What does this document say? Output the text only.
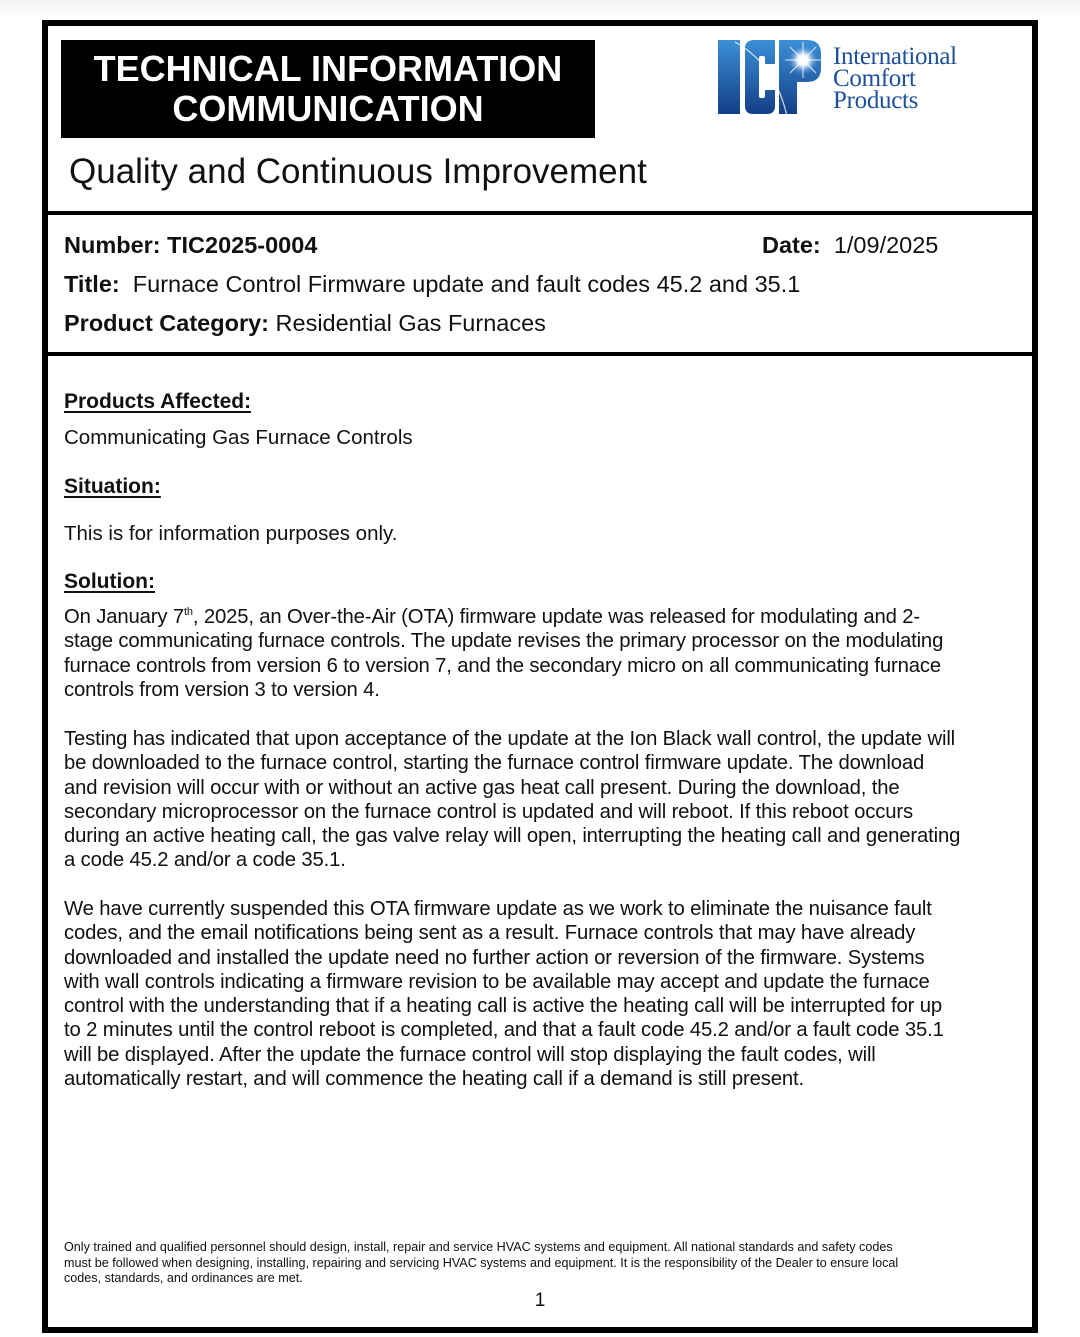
TECHNICAL INFORMATION
COMMUNICATION
International
Comfort
Products
Quality and Continuous Improvement
Number: TIC2025-0004	Date: 1/09/2025
Title: Furnace Control Firmware update and fault codes 45.2 and 35.1
Product Category: Residential Gas Furnaces
Products Affected:
Communicating Gas Furnace Controls
Situation:
This is for information purposes only.
Solution:
On January 7th, 2025, an Over-the-Air (OTA) firmware update was released for modulating and 2-
stage communicating furnace controls. The update revises the primary processor on the modulating
furnace controls from version 6 to version 7, and the secondary micro on all communicating furnace
controls from version 3 to version 4.
Testing has indicated that upon acceptance of the update at the Ion Black wall control, the update will
be downloaded to the furnace control, starting the furnace control firmware update. The download
and revision will occur with or without an active gas heat call present. During the download, the
secondary microprocessor on the furnace control is updated and will reboot. If this reboot occurs
during an active heating call, the gas valve relay will open, interrupting the heating call and generating
a code 45.2 and/or a code 35.1.
We have currently suspended this OTA firmware update as we work to eliminate the nuisance fault
codes, and the email notifications being sent as a result. Furnace controls that may have already
downloaded and installed the update need no further action or reversion of the firmware. Systems
with wall controls indicating a firmware revision to be available may accept and update the furnace
control with the understanding that if a heating call is active the heating call will be interrupted for up
to 2 minutes until the control reboot is completed, and that a fault code 45.2 and/or a fault code 35.1
will be displayed. After the update the furnace control will stop displaying the fault codes, will
automatically restart, and will commence the heating call if a demand is still present.
Only trained and qualified personnel should design, install, repair and service HVAC systems and equipment. All national standards and safety codes
must be followed when designing, installing, repairing and servicing HVAC systems and equipment. It is the responsibility of the Dealer to ensure local
codes, standards, and ordinances are met.
1
